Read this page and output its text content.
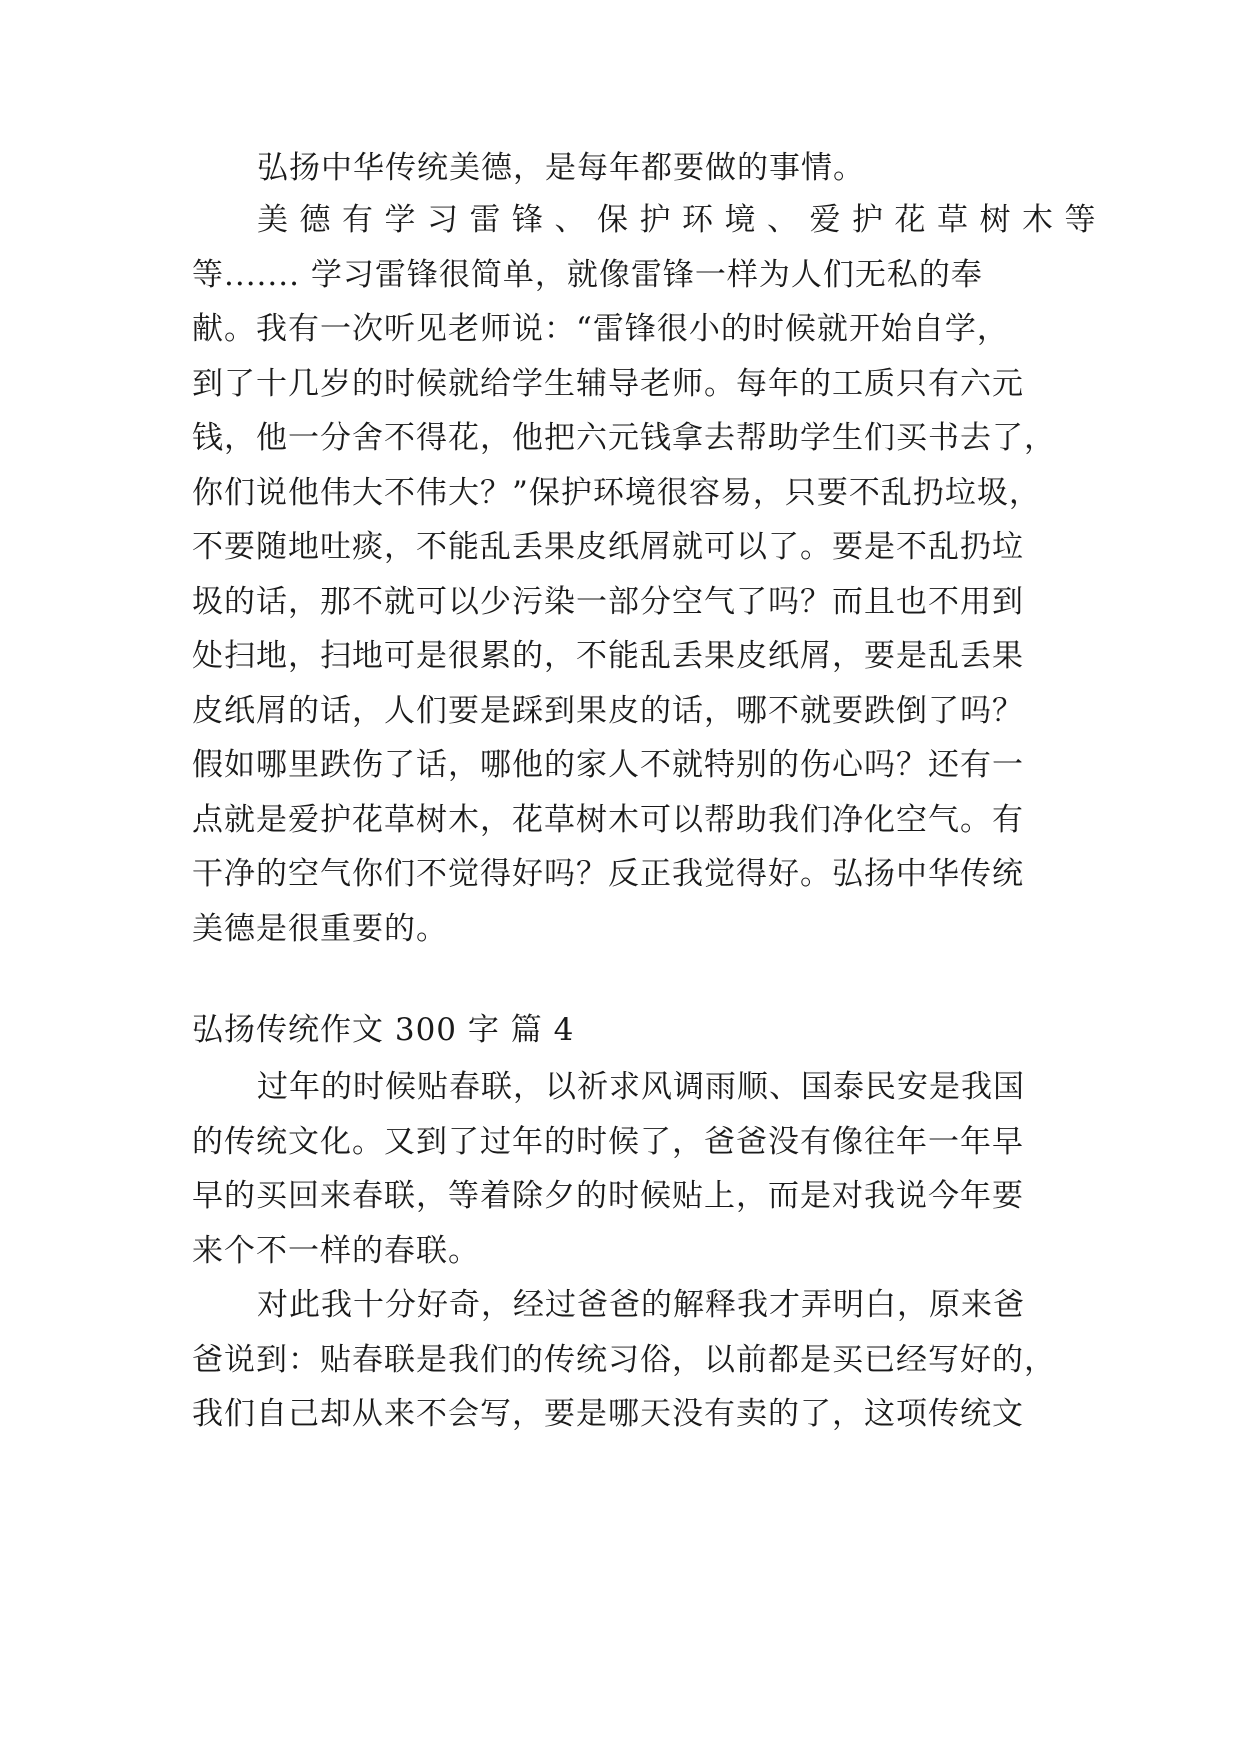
弘扬中华传统美德，是每年都要做的事情。
美德有学习雷锋、保护环境、爱护花草树木等
等....... 学习雷锋很简单，就像雷锋一样为人们无私的奉
献。我有一次听见老师说：“雷锋很小的时候就开始自学，
到了十几岁的时候就给学生辅导老师。每年的工质只有六元
钱，他一分舍不得花，他把六元钱拿去帮助学生们买书去了，
你们说他伟大不伟大？”保护环境很容易，只要不乱扔垃圾，
不要随地吐痰，不能乱丢果皮纸屑就可以了。要是不乱扔垃
圾的话，那不就可以少污染一部分空气了吗？而且也不用到
处扫地，扫地可是很累的，不能乱丢果皮纸屑，要是乱丢果
皮纸屑的话，人们要是踩到果皮的话，哪不就要跌倒了吗？
假如哪里跌伤了话，哪他的家人不就特别的伤心吗？还有一
点就是爱护花草树木，花草树木可以帮助我们净化空气。有
干净的空气你们不觉得好吗？反正我觉得好。弘扬中华传统
美德是很重要的。
弘扬传统作文 300 字 篇 4
过年的时候贴春联，以祈求风调雨顺、国泰民安是我国
的传统文化。又到了过年的时候了，爸爸没有像往年一年早
早的买回来春联，等着除夕的时候贴上，而是对我说今年要
来个不一样的春联。
对此我十分好奇，经过爸爸的解释我才弄明白，原来爸
爸说到：贴春联是我们的传统习俗，以前都是买已经写好的，
我们自己却从来不会写，要是哪天没有卖的了，这项传统文
